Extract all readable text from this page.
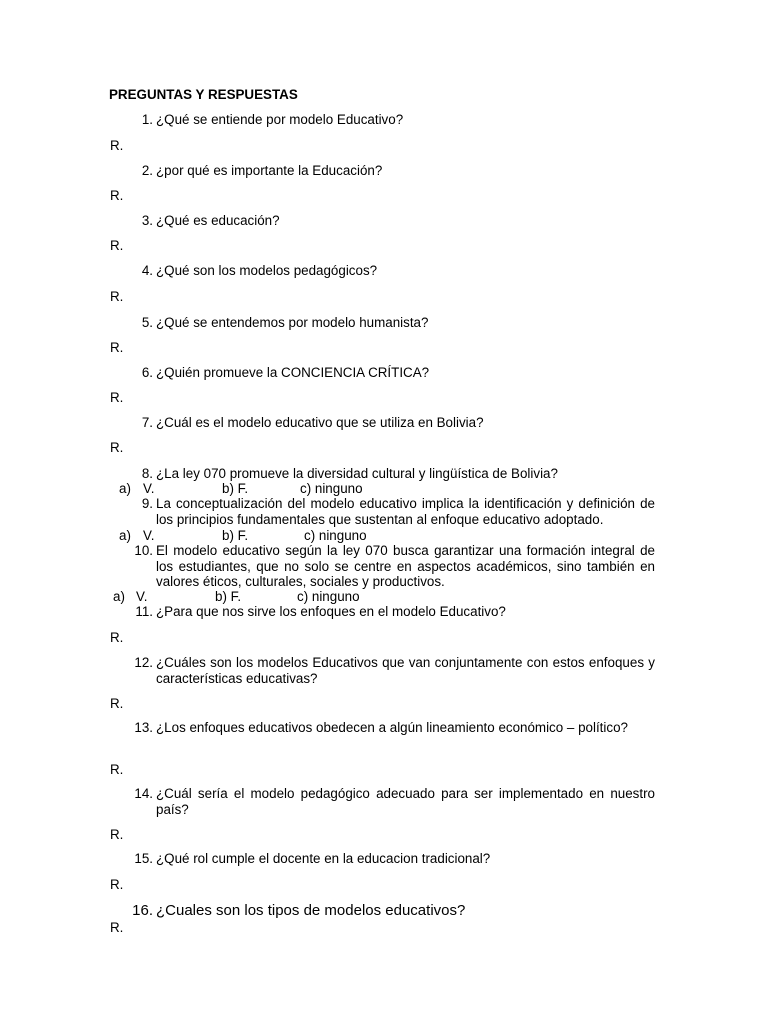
PREGUNTAS Y RESPUESTAS
1. ¿Qué se entiende por modelo Educativo?
R.
2. ¿por qué es importante la Educación?
R.
3. ¿Qué es educación?
R.
4. ¿Qué son los modelos pedagógicos?
R.
5. ¿Qué se entendemos por modelo humanista?
R.
6. ¿Quién promueve la CONCIENCIA CRÍTICA?
R.
7. ¿Cuál es el modelo educativo que se utiliza en Bolivia?
R.
8. ¿La ley 070 promueve la diversidad cultural y lingüística de Bolivia?
a) V.	b) F.	c) ninguno
9. La conceptualización del modelo educativo implica la identificación y definición de los principios fundamentales que sustentan al enfoque educativo adoptado.
a) V.	b) F.	c) ninguno
10. El modelo educativo según la ley 070 busca garantizar una formación integral de los estudiantes, que no solo se centre en aspectos académicos, sino también en valores éticos, culturales, sociales y productivos.
a) V.	b) F.	c) ninguno
11. ¿Para que nos sirve los enfoques en el modelo Educativo?
R.
12. ¿Cuáles son los modelos Educativos que van conjuntamente con estos enfoques y características educativas?
R.
13. ¿Los enfoques educativos obedecen a algún lineamiento económico – político?
R.
14. ¿Cuál sería el modelo pedagógico adecuado para ser implementado en nuestro país?
R.
15. ¿Qué rol cumple el docente en la educacion tradicional?
R.
16. ¿Cuales son los tipos de modelos educativos?
R.
